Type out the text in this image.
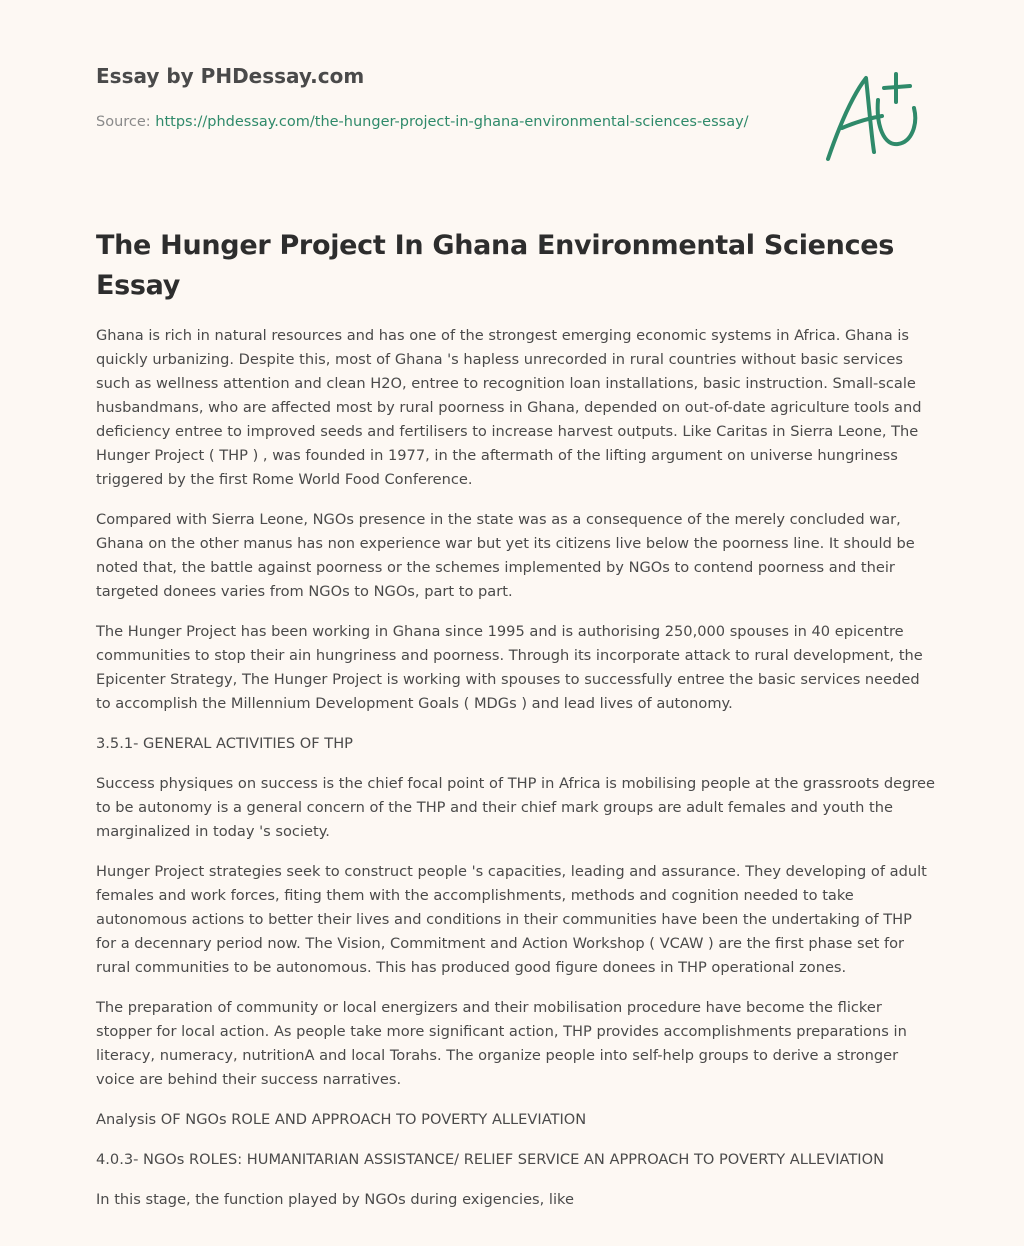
Essay by PHDessay.com
Source: https://phdessay.com/the-hunger-project-in-ghana-environmental-sciences-essay/
The Hunger Project In Ghana Environmental Sciences Essay

Ghana is rich in natural resources and has one of the strongest emerging economic systems in Africa. Ghana is quickly urbanizing. Despite this, most of Ghana 's hapless unrecorded in rural countries without basic services such as wellness attention and clean H2O, entree to recognition loan installations, basic instruction. Small-scale husbandmans, who are affected most by rural poorness in Ghana, depended on out-of-date agriculture tools and deficiency entree to improved seeds and fertilisers to increase harvest outputs. Like Caritas in Sierra Leone, The Hunger Project ( THP ) , was founded in 1977, in the aftermath of the lifting argument on universe hungriness triggered by the first Rome World Food Conference.

Compared with Sierra Leone, NGOs presence in the state was as a consequence of the merely concluded war, Ghana on the other manus has non experience war but yet its citizens live below the poorness line. It should be noted that, the battle against poorness or the schemes implemented by NGOs to contend poorness and their targeted donees varies from NGOs to NGOs, part to part.

The Hunger Project has been working in Ghana since 1995 and is authorising 250,000 spouses in 40 epicentre communities to stop their ain hungriness and poorness. Through its incorporate attack to rural development, the Epicenter Strategy, The Hunger Project is working with spouses to successfully entree the basic services needed to accomplish the Millennium Development Goals ( MDGs ) and lead lives of autonomy.

3.5.1- GENERAL ACTIVITIES OF THP

Success physiques on success is the chief focal point of THP in Africa is mobilising people at the grassroots degree to be autonomy is a general concern of the THP and their chief mark groups are adult females and youth the marginalized in today 's society.

Hunger Project strategies seek to construct people 's capacities, leading and assurance. They developing of adult females and work forces, fiting them with the accomplishments, methods and cognition needed to take autonomous actions to better their lives and conditions in their communities have been the undertaking of THP for a decennary period now. The Vision, Commitment and Action Workshop ( VCAW ) are the first phase set for rural communities to be autonomous. This has produced good figure donees in THP operational zones.

The preparation of community or local energizers and their mobilisation procedure have become the flicker stopper for local action. As people take more significant action, THP provides accomplishments preparations in literacy, numeracy, nutritionA and local Torahs. The organize people into self-help groups to derive a stronger voice are behind their success narratives.

Analysis OF NGOs ROLE AND APPROACH TO POVERTY ALLEVIATION

4.0.3- NGOs ROLES: HUMANITARIAN ASSISTANCE/ RELIEF SERVICE AN APPROACH TO POVERTY ALLEVIATION

In this stage, the function played by NGOs during exigencies, like
